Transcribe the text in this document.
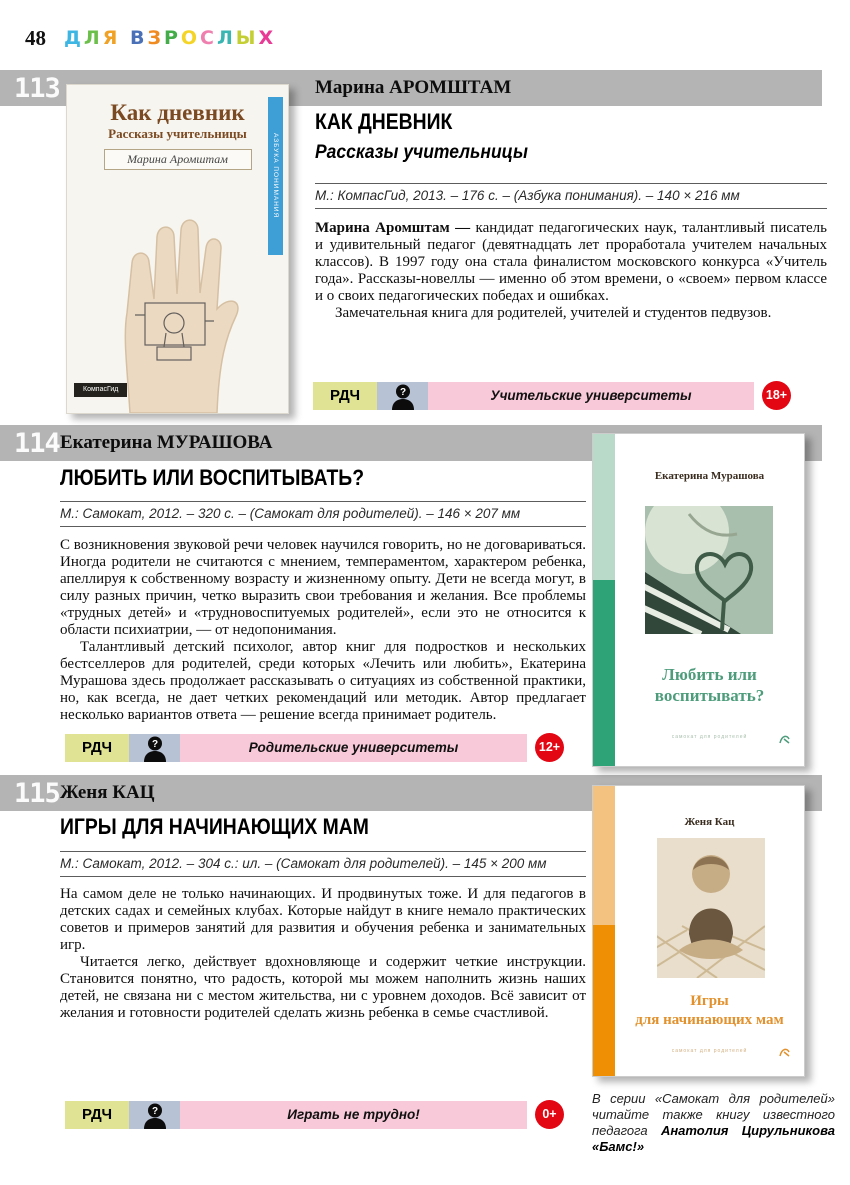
48 ДЛЯ ВЗРОСЛЫХ
113	Марина АРОМШТАМ
Как дневник
Рассказы учительницы
Марина Аромштам	АЗБУКА ПОНИМАНИЯ
КомпасГид
КАК ДНЕВНИК
Рассказы учительницы
М.: КомпасГид, 2013. – 176 с. – (Азбука понимания). – 140 × 216 мм

Марина Аромштам — кандидат педагогических наук, талантливый писатель и удивительный педагог (девятнадцать лет проработала учителем начальных классов). В 1997 году она стала финалистом московского конкурса «Учитель года». Рассказы-новеллы — именно об этом времени, о «своем» первом классе и о своих педагогических победах и ошибках.

Замечательная книга для родителей, учителей и студентов педвузов.

РДЧ	?	Учительские университеты	18+
114 Екатерина МУРАШОВА
ЛЮБИТЬ ИЛИ ВОСПИТЫВАТЬ?
М.: Самокат, 2012. – 320 с. – (Самокат для родителей). – 146 × 207 мм

С возникновения звуковой речи человек научился говорить, но не договариваться. Иногда родители не считаются с мнением, темпераментом, характером ребенка, апеллируя к собственному возрасту и жизненному опыту. Дети не всегда могут, в силу разных причин, четко выразить свои требования и желания. Все проблемы «трудных детей» и «трудновоспитуемых родителей», если это не относится к области психиатрии, — от недопонимания.

Талантливый детский психолог, автор книг для подростков и нескольких бестселлеров для родителей, среди которых «Лечить или любить», Екатерина Мурашова здесь продолжает рассказывать о ситуациях из собственной практики, но, как всегда, не дает четких рекомендаций или методик. Автор предлагает несколько вариантов ответа — решение всегда принимает родитель.

РДЧ	?	Родительские университеты	12+
Екатерина Мурашова
Любить или
воспитывать?
самокат для родителей
115 Женя КАЦ
ИГРЫ ДЛЯ НАЧИНАЮЩИХ МАМ
М.: Самокат, 2012. – 304 с.: ил. – (Самокат для родителей). – 145 × 200 мм

На самом деле не только начинающих. И продвинутых тоже. И для педагогов в детских садах и семейных клубах. Которые найдут в книге немало практических советов и примеров занятий для развития и обучения ребенка и занимательных игр.

Читается легко, действует вдохновляюще и содержит четкие инструкции. Становится понятно, что радость, которой мы можем наполнить жизнь наших детей, не связана ни с местом жительства, ни с уровнем доходов. Всё зависит от желания и готовности родителей сделать жизнь ребенка в семье счастливой.

РДЧ	?	Играть не трудно!	0+
Женя Кац
Игры
для начинающих мам
самокат для родителей
В серии «Самокат для родителей» читайте также книгу известного педагога Анатолия Цирульникова «Бамс!»
